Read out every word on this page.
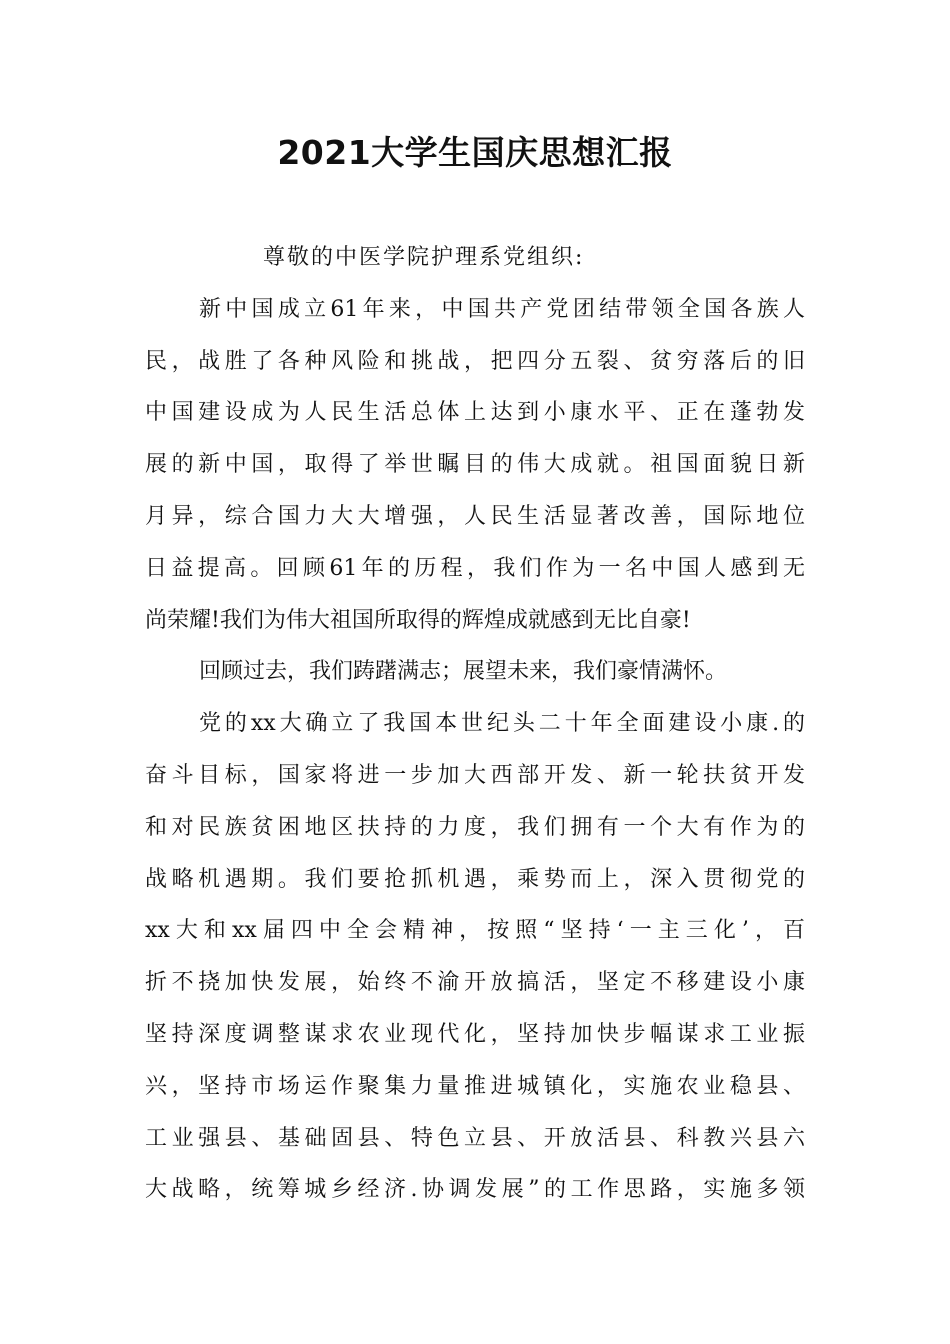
2021大学生国庆思想汇报
尊敬的中医学院护理系党组织:
新中国成立61年来，中国共产党团结带领全国各族人
民，战胜了各种风险和挑战，把四分五裂、贫穷落后的旧
中国建设成为人民生活总体上达到小康水平、正在蓬勃发
展的新中国，取得了举世瞩目的伟大成就。祖国面貌日新
月异，综合国力大大增强，人民生活显著改善，国际地位
日益提高。回顾61年的历程，我们作为一名中国人感到无
尚荣耀!我们为伟大祖国所取得的辉煌成就感到无比自豪!
回顾过去，我们踌躇满志；展望未来，我们豪情满怀。
党的xx大确立了我国本世纪头二十年全面建设小康.的
奋斗目标，国家将进一步加大西部开发、新一轮扶贫开发
和对民族贫困地区扶持的力度，我们拥有一个大有作为的
战略机遇期。我们要抢抓机遇，乘势而上，深入贯彻党的
xx大和xx届四中全会精神，按照“坚持‘一主三化’，百
折不挠加快发展，始终不渝开放搞活，坚定不移建设小康
坚持深度调整谋求农业现代化，坚持加快步幅谋求工业振
兴，坚持市场运作聚集力量推进城镇化，实施农业稳县、
工业强县、基础固县、特色立县、开放活县、科教兴县六
大战略，统筹城乡经济.协调发展”的工作思路，实施多领
